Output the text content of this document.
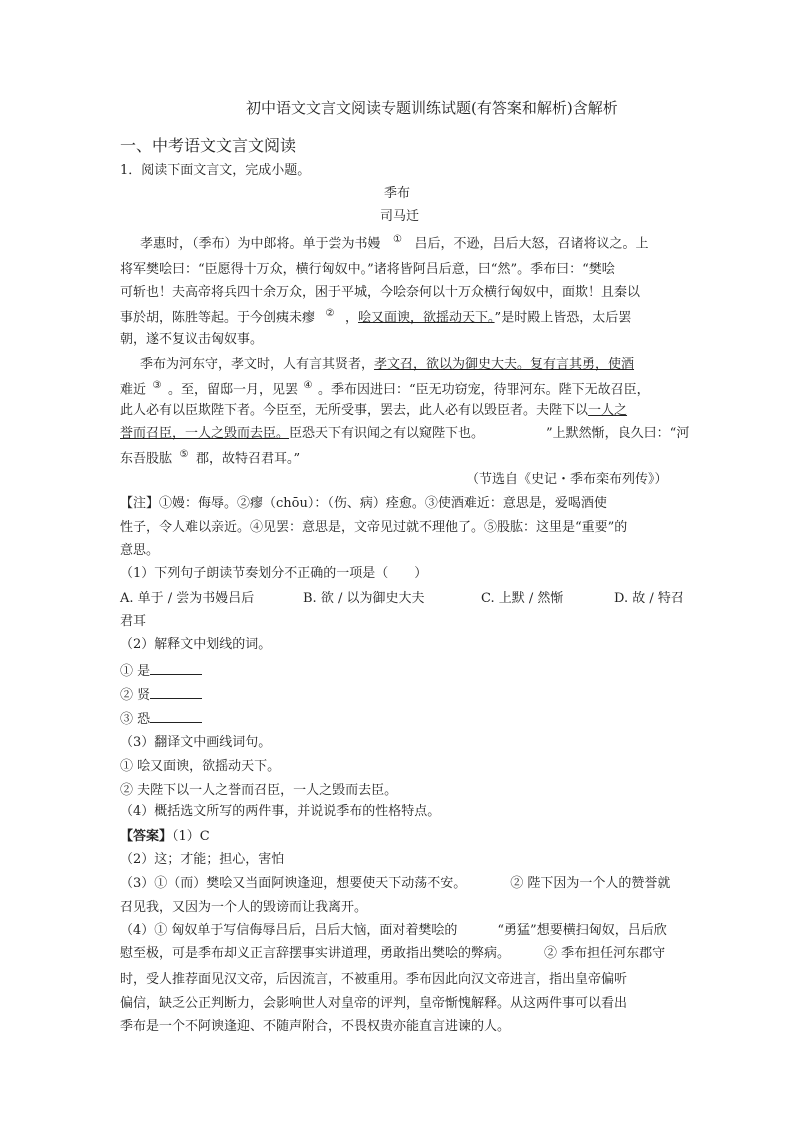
初中语文文言文阅读专题训练试题(有答案和解析)含解析
一、中考语文文言文阅读
1．阅读下面文言文，完成小题。
季布
司马迁
孝惠时，（季布）为中郎将。单于尝为书嫚 ① 吕后，不逊，吕后大怒，召诸将议之。上
将军樊哙曰：“臣愿得十万众，横行匈奴中。”诸将皆阿吕后意，曰“然”。季布曰：“樊哙
可斩也！夫高帝将兵四十余万众，困于平城，今哙奈何以十万众横行匈奴中，面欺！且秦以
事於胡，陈胜等起。于今创痍未瘳 ② ，哙又面谀，欲摇动天下。”是时殿上皆恐，太后罢
朝，遂不复议击匈奴事。
季布为河东守，孝文时，人有言其贤者，孝文召，欲以为御史大夫。复有言其勇，使酒
难近 ③ 。至，留邸一月，见罢 ④ 。季布因进曰：“臣无功窃宠，待罪河东。陛下无故召臣，
此人必有以臣欺陛下者。今臣至，无所受事，罢去，此人必有以毁臣者。夫陛下以一人之
誉而召臣，一人之毁而去臣。臣恐天下有识闻之有以窥陛下也。	”上默然惭，良久曰：“河
东吾股肱 ⑤ 郡，故特召君耳。”
（节选自《史记・季布栾布列传》）
【注】①嫚：侮辱。②瘳（chōu）：（伤、病）痊愈。③使酒难近：意思是，爱喝酒使
性子，令人难以亲近。④见罢：意思是，文帝见过就不理他了。⑤股肱：这里是“重要”的
意思。
（1）下列句子朗读节奏划分不正确的一项是（　　）
A. 单于 / 尝为书嫚吕后	B. 欲 / 以为御史大夫	C. 上默 / 然惭	D. 故 / 特召
君耳
（2）解释文中划线的词。
① 是
② 贤
③ 恐
（3）翻译文中画线词句。
① 哙又面谀，欲摇动天下。
② 夫陛下以一人之誉而召臣，一人之毁而去臣。
（4）概括选文所写的两件事，并说说季布的性格特点。
【答案】（1）C
（2）这；才能；担心，害怕
（3）①（而）樊哙又当面阿谀逢迎，想要使天下动荡不安。	② 陛下因为一个人的赞誉就
召见我，又因为一个人的毁谤而让我离开。
（4）① 匈奴单于写信侮辱吕后，吕后大恼，面对着樊哙的	“勇猛”想要横扫匈奴，吕后欣
慰至极，可是季布却义正言辞摆事实讲道理，勇敢指出樊哙的弊病。	② 季布担任河东郡守
时，受人推荐面见汉文帝，后因流言，不被重用。季布因此向汉文帝进言，指出皇帝偏听
偏信，缺乏公正判断力，会影响世人对皇帝的评判，皇帝惭愧解释。从这两件事可以看出
季布是一个不阿谀逢迎、不随声附合，不畏权贵亦能直言进谏的人。
